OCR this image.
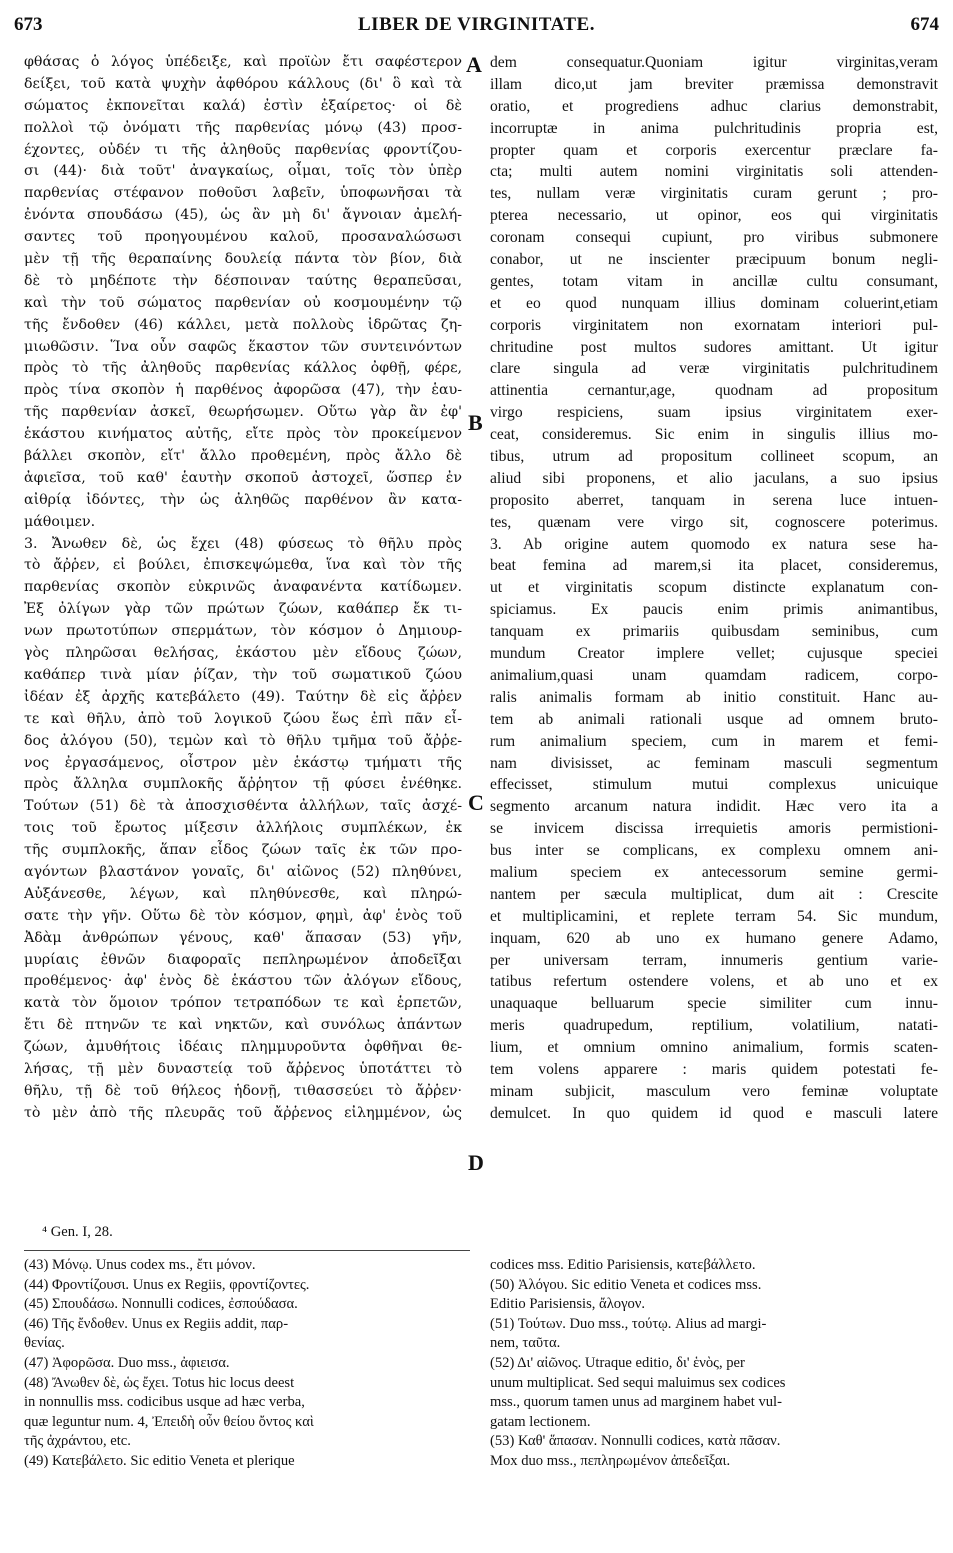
673	LIBER DE VIRGINITATE.	674
φθάσας ὁ λόγος ὑπέδειξε, καὶ προϊὼν ἔτι σαφέστερον
δείξει, τοῦ κατὰ ψυχὴν ἀφθόρου κάλλους (δι' ὃ καὶ τὰ
σώματος ἐκπονεῖται καλά) ἐστὶν ἐξαίρετος· οἱ δὲ
πολλοὶ τῷ ὀνόματι τῆς παρθενίας μόνῳ (43) προσ-
έχοντες, οὐδέν τι τῆς ἀληθοῦς παρθενίας φροντίζου-
σι (44)· διὰ τοῦτ' ἀναγκαίως, οἶμαι, τοῖς τὸν ὑπὲρ
παρθενίας στέφανον ποθοῦσι λαβεῖν, ὑποφωνῆσαι τὰ
ἐνόντα σπουδάσω (45), ὡς ἂν μὴ δι' ἄγνοιαν ἀμελή-
σαντες τοῦ προηγουμένου καλοῦ, προσαναλώσωσι
μὲν τῇ τῆς θεραπαίνης δουλείᾳ πάντα τὸν βίον, διὰ
δὲ τὸ μηδέποτε τὴν δέσποιναν ταύτης θεραπεῦσαι,
καὶ τὴν τοῦ σώματος παρθενίαν οὐ κοσμουμένην τῷ
τῆς ἔνδοθεν (46) κάλλει, μετὰ πολλοὺς ἱδρῶτας ζη-
μιωθῶσιν. Ἵνα οὖν σαφῶς ἕκαστον τῶν συντεινόντων
πρὸς τὸ τῆς ἀληθοῦς παρθενίας κάλλος ὀφθῇ, φέρε,
πρὸς τίνα σκοπὸν ἡ παρθένος ἀφορῶσα (47), τὴν ἑαυ-
τῆς παρθενίαν ἀσκεῖ, θεωρήσωμεν. Οὕτω γὰρ ἂν ἐφ'
ἑκάστου κινήματος αὐτῆς, εἴτε πρὸς τὸν προκείμενον
βάλλει σκοπὸν, εἴτ' ἄλλο προθεμένη, πρὸς ἄλλο δὲ
ἀφιεῖσα, τοῦ καθ' ἑαυτὴν σκοποῦ ἀστοχεῖ, ὥσπερ ἐν
αἰθρίᾳ ἰδόντες, τὴν ὡς ἀληθῶς παρθένον ἂν κατα-
μάθοιμεν.
3. Ἄνωθεν δὲ, ὡς ἔχει (48) φύσεως τὸ θῆλυ πρὸς
τὸ ἄῤῥεν, εἰ βούλει, ἐπισκεψώμεθα, ἵνα καὶ τὸν τῆς
παρθενίας σκοπὸν εὐκρινῶς ἀναφανέντα κατίδωμεν.
Ἐξ ὀλίγων γὰρ τῶν πρώτων ζώων, καθάπερ ἔκ τι-
νων πρωτοτύπων σπερμάτων, τὸν κόσμον ὁ Δημιουρ-
γὸς πληρῶσαι θελήσας, ἑκάστου μὲν εἴδους ζώων,
καθάπερ τινὰ μίαν ῥίζαν, τὴν τοῦ σωματικοῦ ζώου
ἰδέαν ἐξ ἀρχῆς κατεβάλετο (49). Ταύτην δὲ εἰς ἄῤῥεν
τε καὶ θῆλυ, ἀπὸ τοῦ λογικοῦ ζώου ἕως ἐπὶ πᾶν εἶ-
δος ἀλόγου (50), τεμὼν καὶ τὸ θῆλυ τμῆμα τοῦ ἄῤῥε-
νος ἐργασάμενος, οἶστρον μὲν ἑκάστῳ τμήματι τῆς
πρὸς ἄλληλα συμπλοκῆς ἄῤῥητον τῇ φύσει ἐνέθηκε.
Τούτων (51) δὲ τὰ ἀποσχισθέντα ἀλλήλων, ταῖς ἀσχέ-
τοις τοῦ ἔρωτος μίξεσιν ἀλλήλοις συμπλέκων, ἐκ
τῆς συμπλοκῆς, ἅπαν εἶδος ζώων ταῖς ἐκ τῶν προ-
αγόντων βλαστάνον γοναῖς, δι' αἰῶνος (52) πληθύνει,
Αὐξάνεσθε, λέγων, καὶ πληθύνεσθε, καὶ πληρώ-
σατε τὴν γῆν. Οὕτω δὲ τὸν κόσμον, φημὶ, ἀφ' ἑνὸς τοῦ
Ἀδὰμ ἀνθρώπων γένους, καθ' ἅπασαν (53) γῆν,
μυρίαις ἐθνῶν διαφοραῖς πεπληρωμένον ἀποδεῖξαι
προθέμενος· ἀφ' ἑνὸς δὲ ἑκάστου τῶν ἀλόγων εἴδους,
κατὰ τὸν ὅμοιον τρόπον τετραπόδων τε καὶ ἑρπετῶν,
ἔτι δὲ πτηνῶν τε καὶ νηκτῶν, καὶ συνόλως ἁπάντων
ζώων, ἀμυθήτοις ἰδέαις πλημμυροῦντα ὀφθῆναι θε-
λήσας, τῇ μὲν δυναστείᾳ τοῦ ἄῤῥενος ὑποτάττει τὸ
θῆλυ, τῇ δὲ τοῦ θήλεος ἡδονῇ, τιθασσεύει τὸ ἄῤῥεν·
τὸ μὲν ἀπὸ τῆς πλευρᾶς τοῦ ἄῤῥενος εἰλημμένον, ὡς
dem consequatur.Quoniam igitur virginitas,veram
illam dico,ut jam breviter præmissa demonstravit
oratio, et progrediens adhuc clarius demonstrabit,
incorruptæ in anima pulchritudinis propria est,
propter quam et corporis exercentur præclare fa-
cta; multi autem nomini virginitatis soli attenden-
tes, nullam veræ virginitatis curam gerunt ; pro-
pterea necessario, ut opinor, eos qui virginitatis
coronam consequi cupiunt, pro viribus submonere
conabor, ut ne inscienter præcipuum bonum negli-
gentes, totam vitam in ancillæ cultu consumant,
et eo quod nunquam illius dominam coluerint,etiam
corporis virginitatem non exornatam interiori pul-
chritudine post multos sudores amittant. Ut igitur
clare singula ad veræ virginitatis pulchritudinem
attinentia cernantur,age, quodnam ad propositum
virgo respiciens, suam ipsius virginitatem exer-
ceat, consideremus. Sic enim in singulis illius mo-
tibus, utrum ad propositum collineet scopum, an
aliud sibi proponens, et alio jaculans, a suo ipsius
proposito aberret, tanquam in serena luce intuen-
tes, quænam vere virgo sit, cognoscere poterimus.
3. Ab origine autem quomodo ex natura sese ha-
beat femina ad marem,si ita placet, consideremus,
ut et virginitatis scopum distincte explanatum con-
spiciamus. Ex paucis enim primis animantibus,
tanquam ex primariis quibusdam seminibus, cum
mundum Creator implere vellet; cujusque speciei
animalium,quasi unam quamdam radicem, corpo-
ralis animalis formam ab initio constituit. Hanc au-
tem ab animali rationali usque ad omnem bruto-
rum animalium speciem, cum in marem et femi-
nam divisisset, ac feminam masculi segmentum
effecisset, stimulum mutui complexus unicuique
segmento arcanum natura indidit. Hæc vero ita a
se invicem discissa irrequietis amoris permistioni-
bus inter se complicans, ex complexu omnem ani-
malium speciem ex antecessorum semine germi-
nantem per sæcula multiplicat, dum ait : Crescite
et multiplicamini, et replete terram 54. Sic mundum,
inquam, 620 ab uno ex humano genere Adamo,
per universam terram, innumeris gentium varie-
tatibus refertum ostendere volens, et ab uno et ex
unaquaque belluarum specie similiter cum innu-
meris quadrupedum, reptilium, volatilium, natati-
lium, et omnium omnino animalium, formis scaten-
tem volens apparere : maris quidem potestati fe-
minam subjicit, masculum vero feminæ voluptate
demulcet. In quo quidem id quod e masculi latere
A
B
C
D
⁴ Gen. I, 28.
(43) Μόνῳ. Unus codex ms., ἔτι μόνον.
(44) Φροντίζουσι. Unus ex Regiis, φροντίζοντες.
(45) Σπουδάσω. Nonnulli codices, ἐσπούδασα.
(46) Τῆς ἔνδοθεν. Unus ex Regiis addit, παρ-
θενίας.
(47) Ἀφορῶσα. Duo mss., ἀφιεισα.
(48) Ἄνωθεν δὲ, ὡς ἔχει. Totus hic locus deest
in nonnullis mss. codicibus usque ad hæc verba,
quæ leguntur num. 4, Ἐπειδὴ οὖν θείου ὄντος καὶ
τῆς ἀχράντου, etc.
(49) Κατεβάλετο. Sic editio Veneta et plerique
codices mss. Editio Parisiensis, κατεβάλλετο.
(50) Ἀλόγου. Sic editio Veneta et codices mss.
Editio Parisiensis, ἄλογον.
(51) Τούτων. Duo mss., τούτῳ. Alius ad margi-
nem, ταῦτα.
(52) Δι' αἰῶνος. Utraque editio, δι' ἑνὸς, per
unum multiplicat. Sed sequi maluimus sex codices
mss., quorum tamen unus ad marginem habet vul-
gatam lectionem.
(53) Καθ' ἅπασαν. Nonnulli codices, κατὰ πᾶσαν.
Mox duo mss., πεπληρωμένον ἀπεδεῖξαι.
